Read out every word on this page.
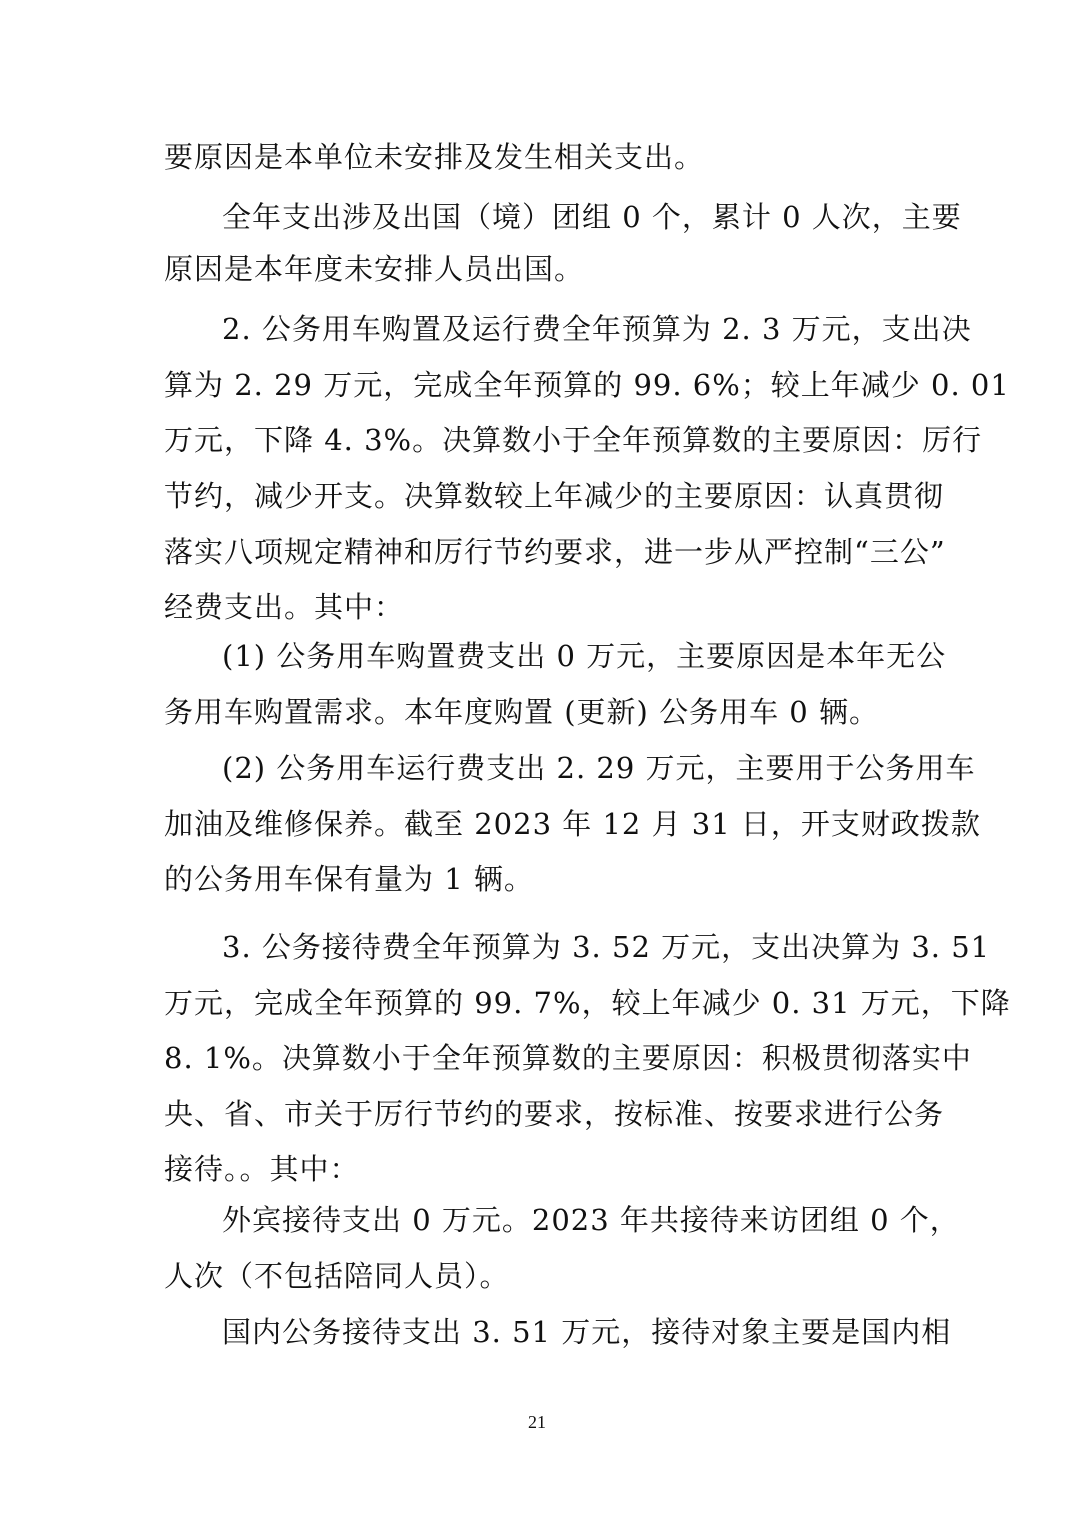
要原因是本单位未安排及发生相关支出。
全年支出涉及出国（境）团组 0 个，累计 0 人次，主要
原因是本年度未安排人员出国。
2. 公务用车购置及运行费全年预算为 2. 3 万元，支出决
算为 2. 29 万元，完成全年预算的 99. 6%；较上年减少 0. 01
万元，下降 4. 3%。决算数小于全年预算数的主要原因：厉行
节约，减少开支。决算数较上年减少的主要原因：认真贯彻
落实八项规定精神和厉行节约要求，进一步从严控制“三公”
经费支出。其中：
(1) 公务用车购置费支出 0 万元，主要原因是本年无公
务用车购置需求。本年度购置 (更新) 公务用车 0 辆。
(2) 公务用车运行费支出 2. 29 万元，主要用于公务用车
加油及维修保养。截至 2023 年 12 月 31 日，开支财政拨款
的公务用车保有量为 1 辆。
3. 公务接待费全年预算为 3. 52 万元，支出决算为 3. 51
万元，完成全年预算的 99. 7%，较上年减少 0. 31 万元，下降
8. 1%。决算数小于全年预算数的主要原因：积极贯彻落实中
央、省、市关于厉行节约的要求，按标准、按要求进行公务
接待。。其中：
外宾接待支出 0 万元。2023 年共接待来访团组 0 个，
人次（不包括陪同人员）。
国内公务接待支出 3. 51 万元，接待对象主要是国内相
21
